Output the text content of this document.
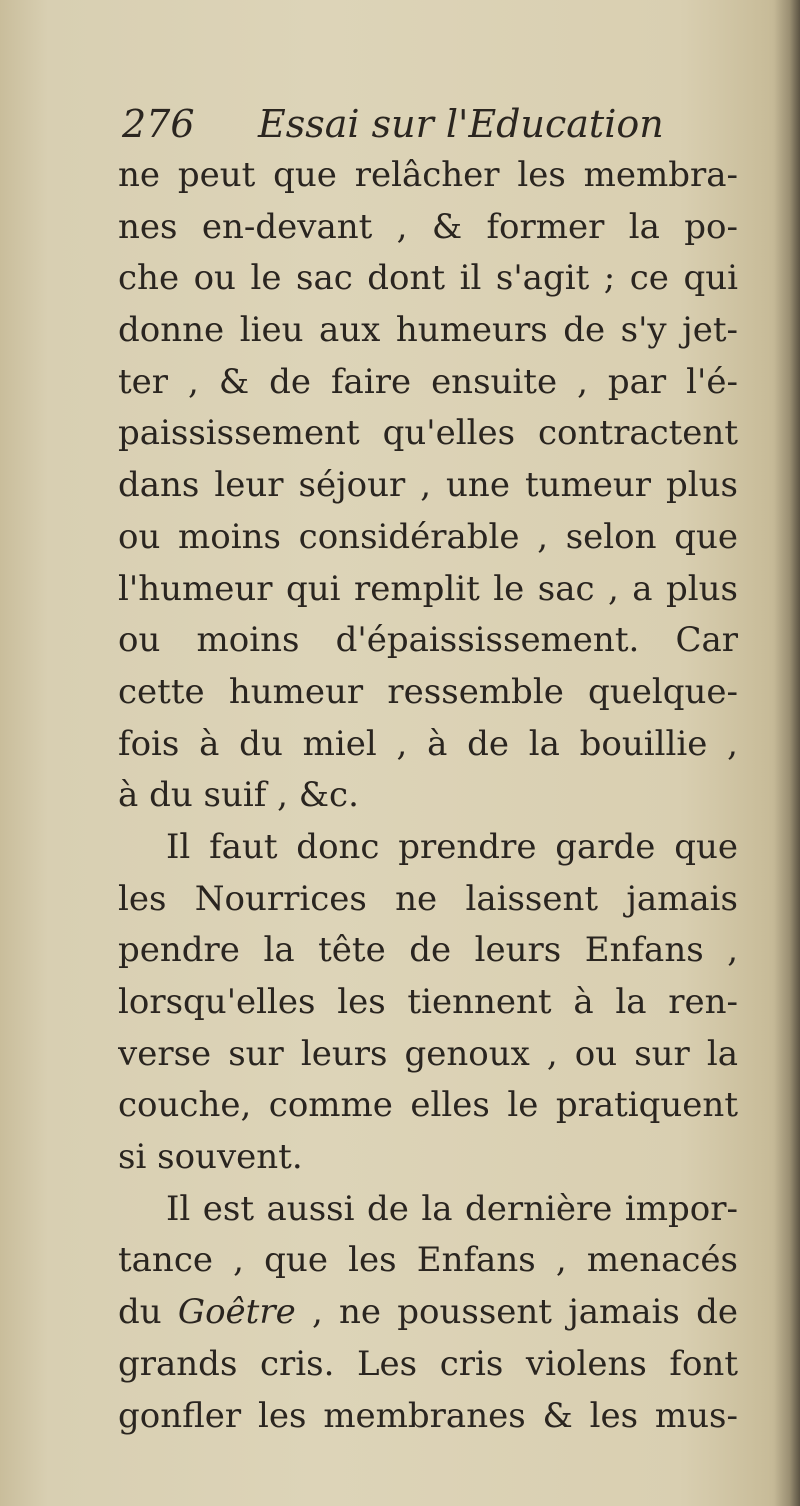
276 Essai sur l'Education
ne peut que relâcher les membra-
nes en-devant , & former la po-
che ou le sac dont il s'agit ; ce qui
donne lieu aux humeurs de s'y jet-
ter , & de faire ensuite , par l'é-
paississement qu'elles contractent
dans leur séjour , une tumeur plus
ou moins considérable , selon que
l'humeur qui remplit le sac , a plus
ou moins d'épaississement. Car
cette humeur ressemble quelque-
fois à du miel , à de la bouillie ,
à du suif , &c.
Il faut donc prendre garde que
les Nourrices ne laissent jamais
pendre la tête de leurs Enfans ,
lorsqu'elles les tiennent à la ren-
verse sur leurs genoux , ou sur la
couche, comme elles le pratiquent
si souvent.
Il est aussi de la dernière impor-
tance , que les Enfans , menacés
du Goêtre , ne poussent jamais de
grands cris. Les cris violens font
gonfler les membranes & les mus-
